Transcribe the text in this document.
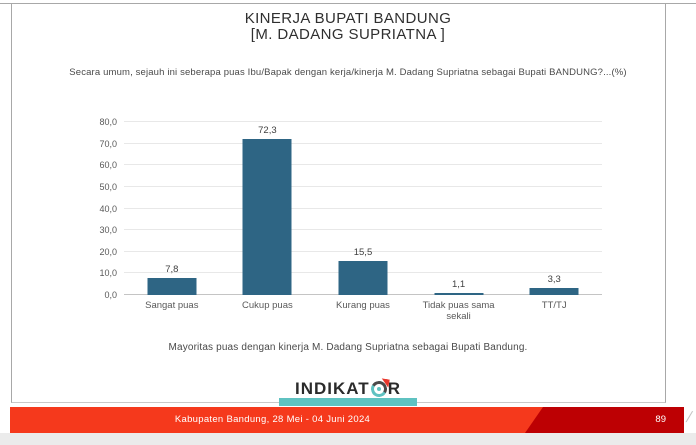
KINERJA BUPATI BANDUNG
[M. DADANG SUPRIATNA ]
Secara umum, sejauh ini seberapa puas Ibu/Bapak dengan kerja/kinerja M. Dadang Supriatna sebagai Bupati BANDUNG?...(%)
0,0
10,0
20,0
30,0
40,0
50,0
60,0
70,0
80,0
7,8
72,3
15,5
1,1	3,3
Sangat puas	Cukup puas	Kurang puas	Tidak puas sama sekali
TT/TJ
Mayoritas puas dengan kinerja M. Dadang Supriatna sebagai Bupati Bandung.
INDIKAT R
Kabupaten Bandung, 28 Mei - 04 Juni 2024	89 /
